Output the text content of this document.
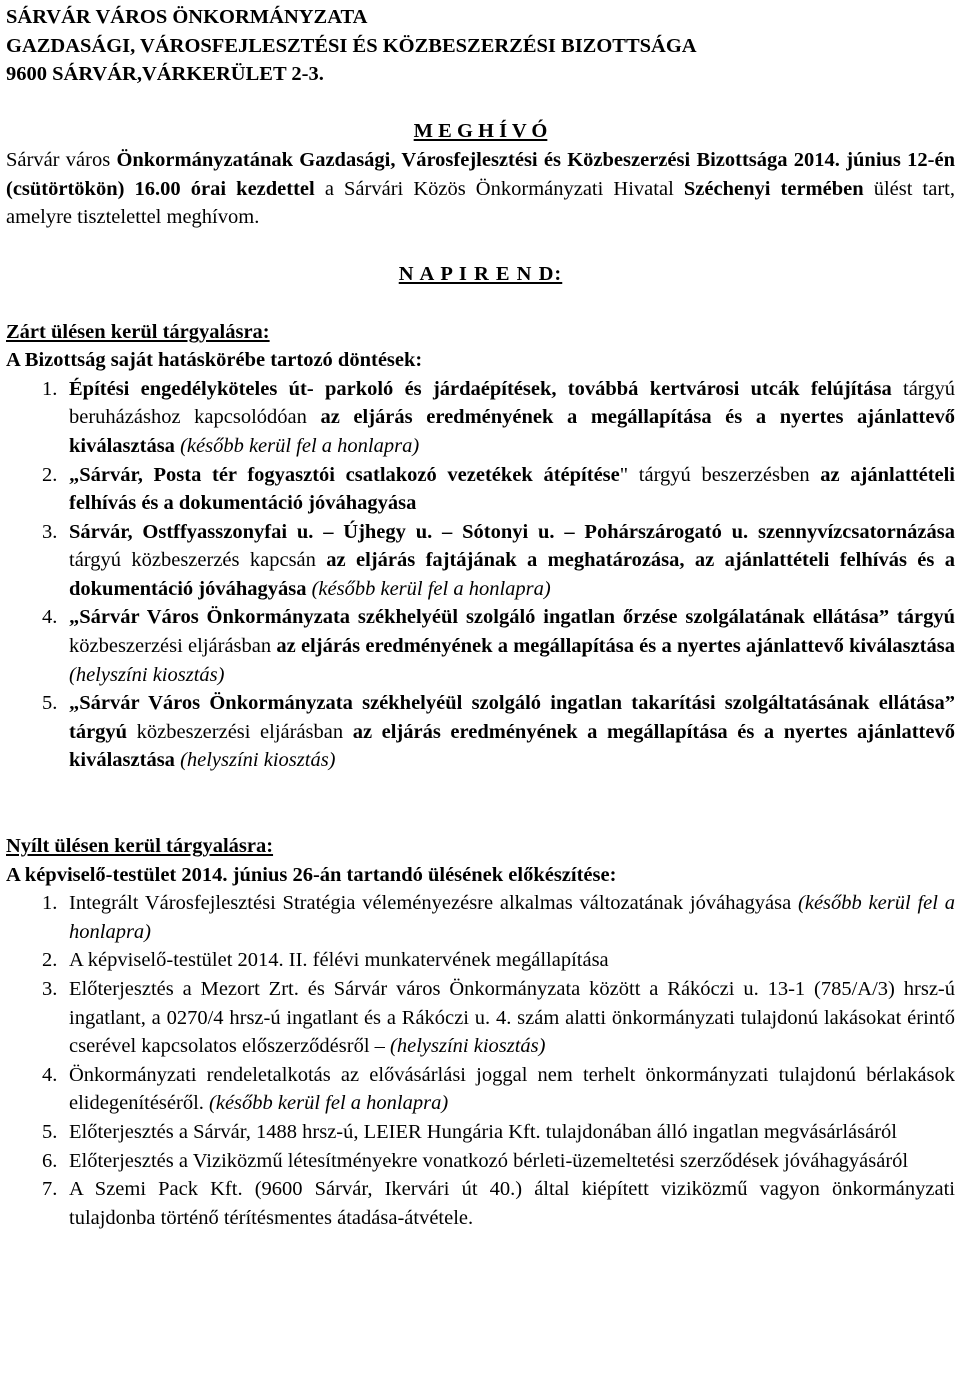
SÁRVÁR VÁROS ÖNKORMÁNYZATA
GAZDASÁGI, VÁROSFEJLESZTÉSI ÉS KÖZBESZERZÉSI BIZOTTSÁGA
9600 SÁRVÁR,VÁRKERÜLET 2-3.
M E G H Í V Ó
Sárvár város Önkormányzatának Gazdasági, Városfejlesztési és Közbeszerzési Bizottsága 2014. június 12-én (csütörtökön) 16.00 órai kezdettel a Sárvári Közös Önkormányzati Hivatal Széchenyi termében ülést tart, amelyre tisztelettel meghívom.
N A P I R E N D:
Zárt ülésen kerül tárgyalásra:
A Bizottság saját hatáskörébe tartozó döntések:
1. Építési engedélyköteles út- parkoló és járdaépítések, továbbá kertvárosi utcák felújítása tárgyú beruházáshoz kapcsolódóan az eljárás eredményének a megállapítása és a nyertes ajánlattevő kiválasztása (később kerül fel a honlapra)
2. „Sárvár, Posta tér fogyasztói csatlakozó vezetékek átépítése" tárgyú beszerzésben az ajánlattételi felhívás és a dokumentáció jóváhagyása
3. Sárvár, Ostffyasszonyfai u. – Újhegy u. – Sótonyi u. – Pohárszárogató u. szennyvízcsatornázása tárgyú közbeszerzés kapcsán az eljárás fajtájának a meghatározása, az ajánlattételi felhívás és a dokumentáció jóváhagyása (később kerül fel a honlapra)
4. „Sárvár Város Önkormányzata székhelyéül szolgáló ingatlan őrzése szolgálatának ellátása” tárgyú közbeszerzési eljárásban az eljárás eredményének a megállapítása és a nyertes ajánlattevő kiválasztása (helyszíni kiosztás)
5. „Sárvár Város Önkormányzata székhelyéül szolgáló ingatlan takarítási szolgáltatásának ellátása” tárgyú közbeszerzési eljárásban az eljárás eredményének a megállapítása és a nyertes ajánlattevő kiválasztása (helyszíni kiosztás)
Nyílt ülésen kerül tárgyalásra:
A képviselő-testület 2014. június 26-án tartandó ülésének előkészítése:
1. Integrált Városfejlesztési Stratégia véleményezésre alkalmas változatának jóváhagyása (később kerül fel a honlapra)
2. A képviselő-testület 2014. II. félévi munkatervének megállapítása
3. Előterjesztés a Mezort Zrt. és Sárvár város Önkormányzata között a Rákóczi u. 13-1 (785/A/3) hrsz-ú ingatlant, a 0270/4 hrsz-ú ingatlant és a Rákóczi u. 4. szám alatti önkormányzati tulajdonú lakásokat érintő cserével kapcsolatos előszerződésről – (helyszíni kiosztás)
4. Önkormányzati rendeletalkotás az elővásárlási joggal nem terhelt önkormányzati tulajdonú bérlakások elidegenítéséről. (később kerül fel a honlapra)
5. Előterjesztés a Sárvár, 1488 hrsz-ú, LEIER Hungária Kft. tulajdonában álló ingatlan megvásárlásáról
6. Előterjesztés a Viziközmű létesítményekre vonatkozó bérleti-üzemeltetési szerződések jóváhagyásáról
7. A Szemi Pack Kft. (9600 Sárvár, Ikervári út 40.) által kiépített viziközmű vagyon önkormányzati tulajdonba történő térítésmentes átadása-átvétele.
